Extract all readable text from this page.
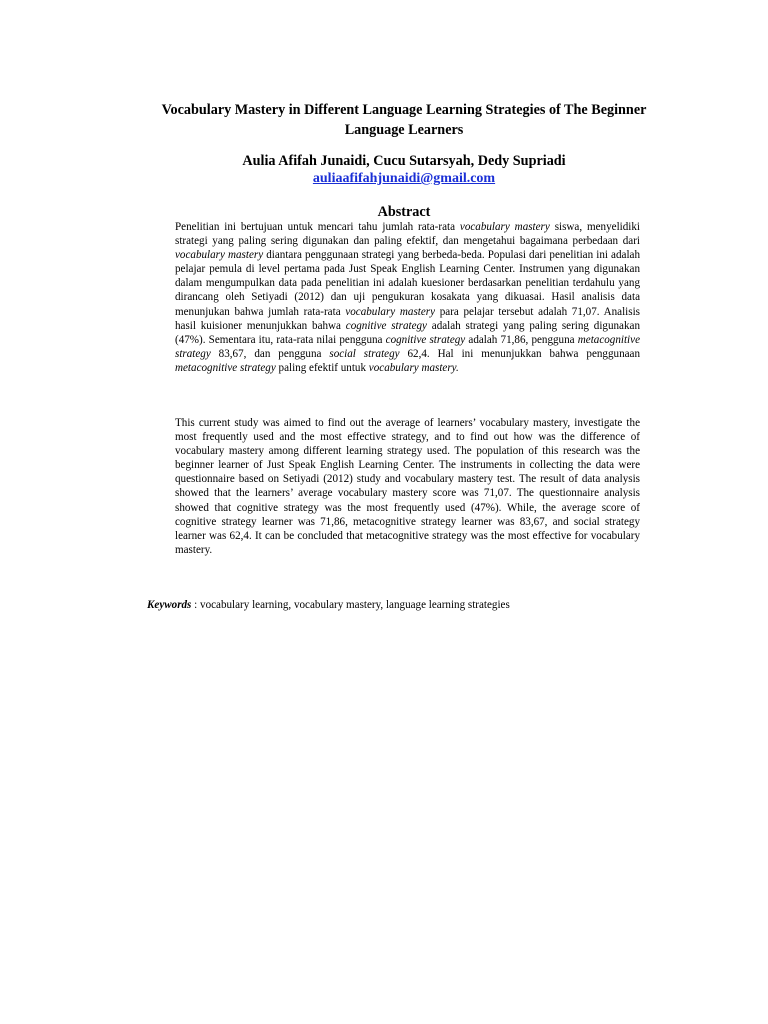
Vocabulary Mastery in Different Language Learning Strategies of The Beginner Language Learners
Aulia Afifah Junaidi, Cucu Sutarsyah, Dedy Supriadi
auliaafifahjunaidi@gmail.com
Abstract

Penelitian ini bertujuan untuk mencari tahu jumlah rata-rata vocabulary mastery siswa, menyelidiki strategi yang paling sering digunakan dan paling efektif, dan mengetahui bagaimana perbedaan dari vocabulary mastery diantara penggunaan strategi yang berbeda-beda. Populasi dari penelitian ini adalah pelajar pemula di level pertama pada Just Speak English Learning Center. Instrumen yang digunakan dalam mengumpulkan data pada penelitian ini adalah kuesioner berdasarkan penelitian terdahulu yang dirancang oleh Setiyadi (2012) dan uji pengukuran kosakata yang dikuasai. Hasil analisis data menunjukan bahwa jumlah rata-rata vocabulary mastery para pelajar tersebut adalah 71,07. Analisis hasil kuisioner menunjukkan bahwa cognitive strategy adalah strategi yang paling sering digunakan (47%). Sementara itu, rata-rata nilai pengguna cognitive strategy adalah 71,86, pengguna metacognitive strategy 83,67, dan pengguna social strategy 62,4. Hal ini menunjukkan bahwa penggunaan metacognitive strategy paling efektif untuk vocabulary mastery.

This current study was aimed to find out the average of learners’ vocabulary mastery, investigate the most frequently used and the most effective strategy, and to find out how was the difference of vocabulary mastery among different learning strategy used. The population of this research was the beginner learner of Just Speak English Learning Center. The instruments in collecting the data were questionnaire based on Setiyadi (2012) study and vocabulary mastery test. The result of data analysis showed that the learners’ average vocabulary mastery score was 71,07. The questionnaire analysis showed that cognitive strategy was the most frequently used (47%). While, the average score of cognitive strategy learner was 71,86, metacognitive strategy learner was 83,67, and social strategy learner was 62,4. It can be concluded that metacognitive strategy was the most effective for vocabulary mastery.

Keywords : vocabulary learning, vocabulary mastery, language learning strategies
